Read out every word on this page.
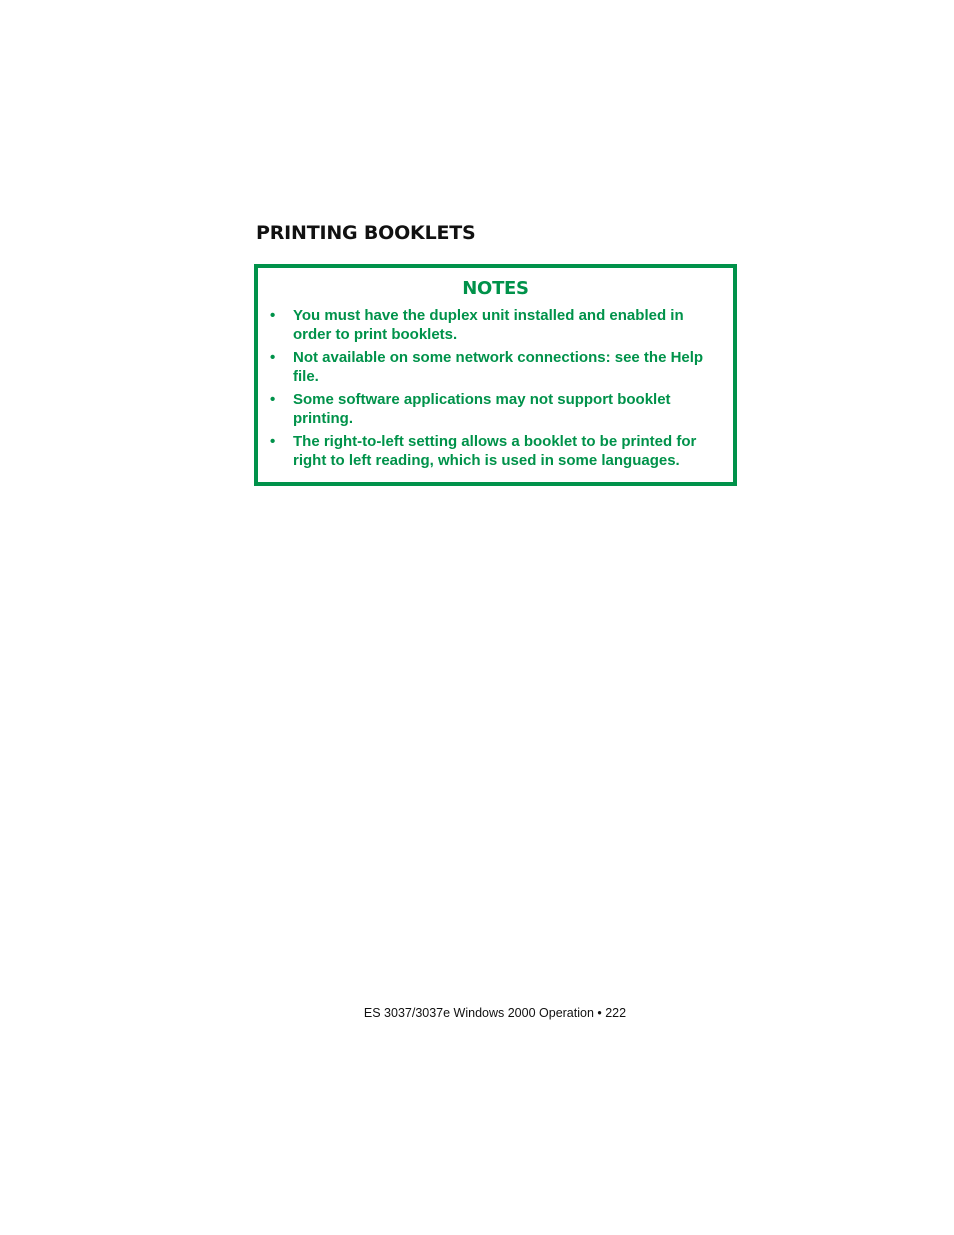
PRINTING BOOKLETS
NOTES
• You must have the duplex unit installed and enabled in order to print booklets.
• Not available on some network connections: see the Help file.
• Some software applications may not support booklet printing.
• The right-to-left setting allows a booklet to be printed for right to left reading, which is used in some languages.
ES 3037/3037e Windows 2000 Operation • 222
